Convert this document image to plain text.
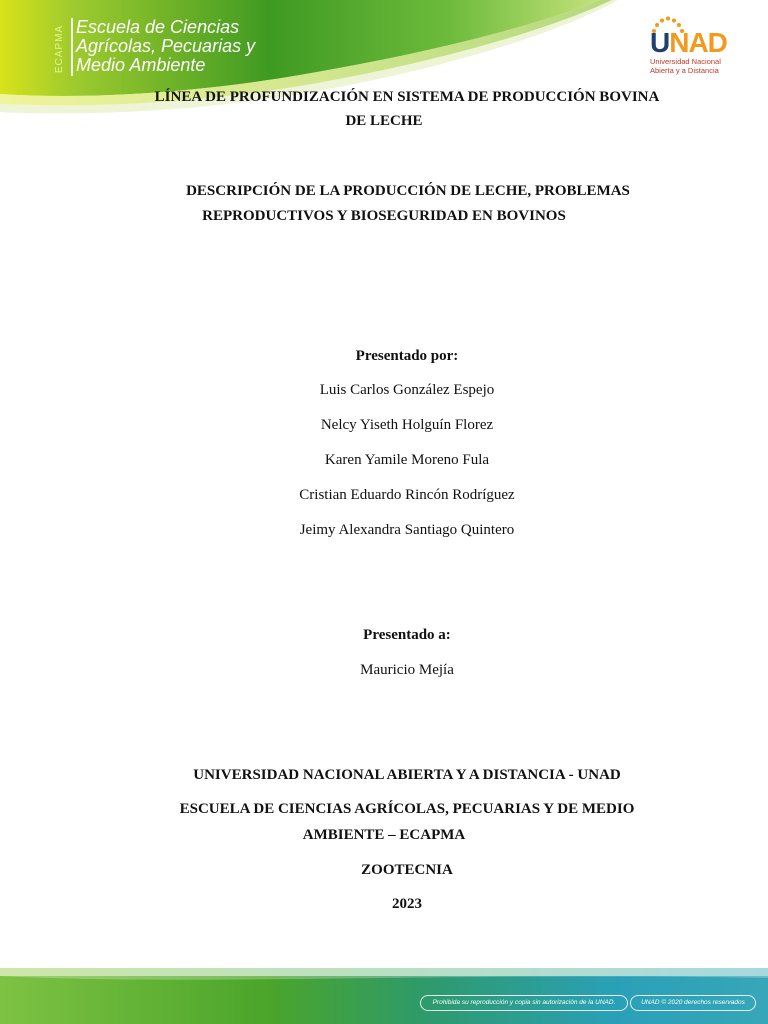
ECAPMA Escuela de Ciencias
Agrícolas, Pecuarias y
Medio Ambiente
UNAD
Universidad Nacional
Abierta y a Distancia
LÍNEA DE PROFUNDIZACIÓN EN SISTEMA DE PRODUCCIÓN BOVINA
DE LECHE
DESCRIPCIÓN DE LA PRODUCCIÓN DE LECHE, PROBLEMAS
REPRODUCTIVOS Y BIOSEGURIDAD EN BOVINOS
Presentado por:
Luis Carlos González Espejo
Nelcy Yiseth Holguín Florez
Karen Yamile Moreno Fula
Cristian Eduardo Rincón Rodríguez
Jeimy Alexandra Santiago Quintero
Presentado a:
Mauricio Mejía
UNIVERSIDAD NACIONAL ABIERTA Y A DISTANCIA - UNAD
ESCUELA DE CIENCIAS AGRÍCOLAS, PECUARIAS Y DE MEDIO
AMBIENTE – ECAPMA
ZOOTECNIA
2023
Prohibida su reproducción y copia sin autorización de la UNAD.	UNAD © 2020 derechos reservados
